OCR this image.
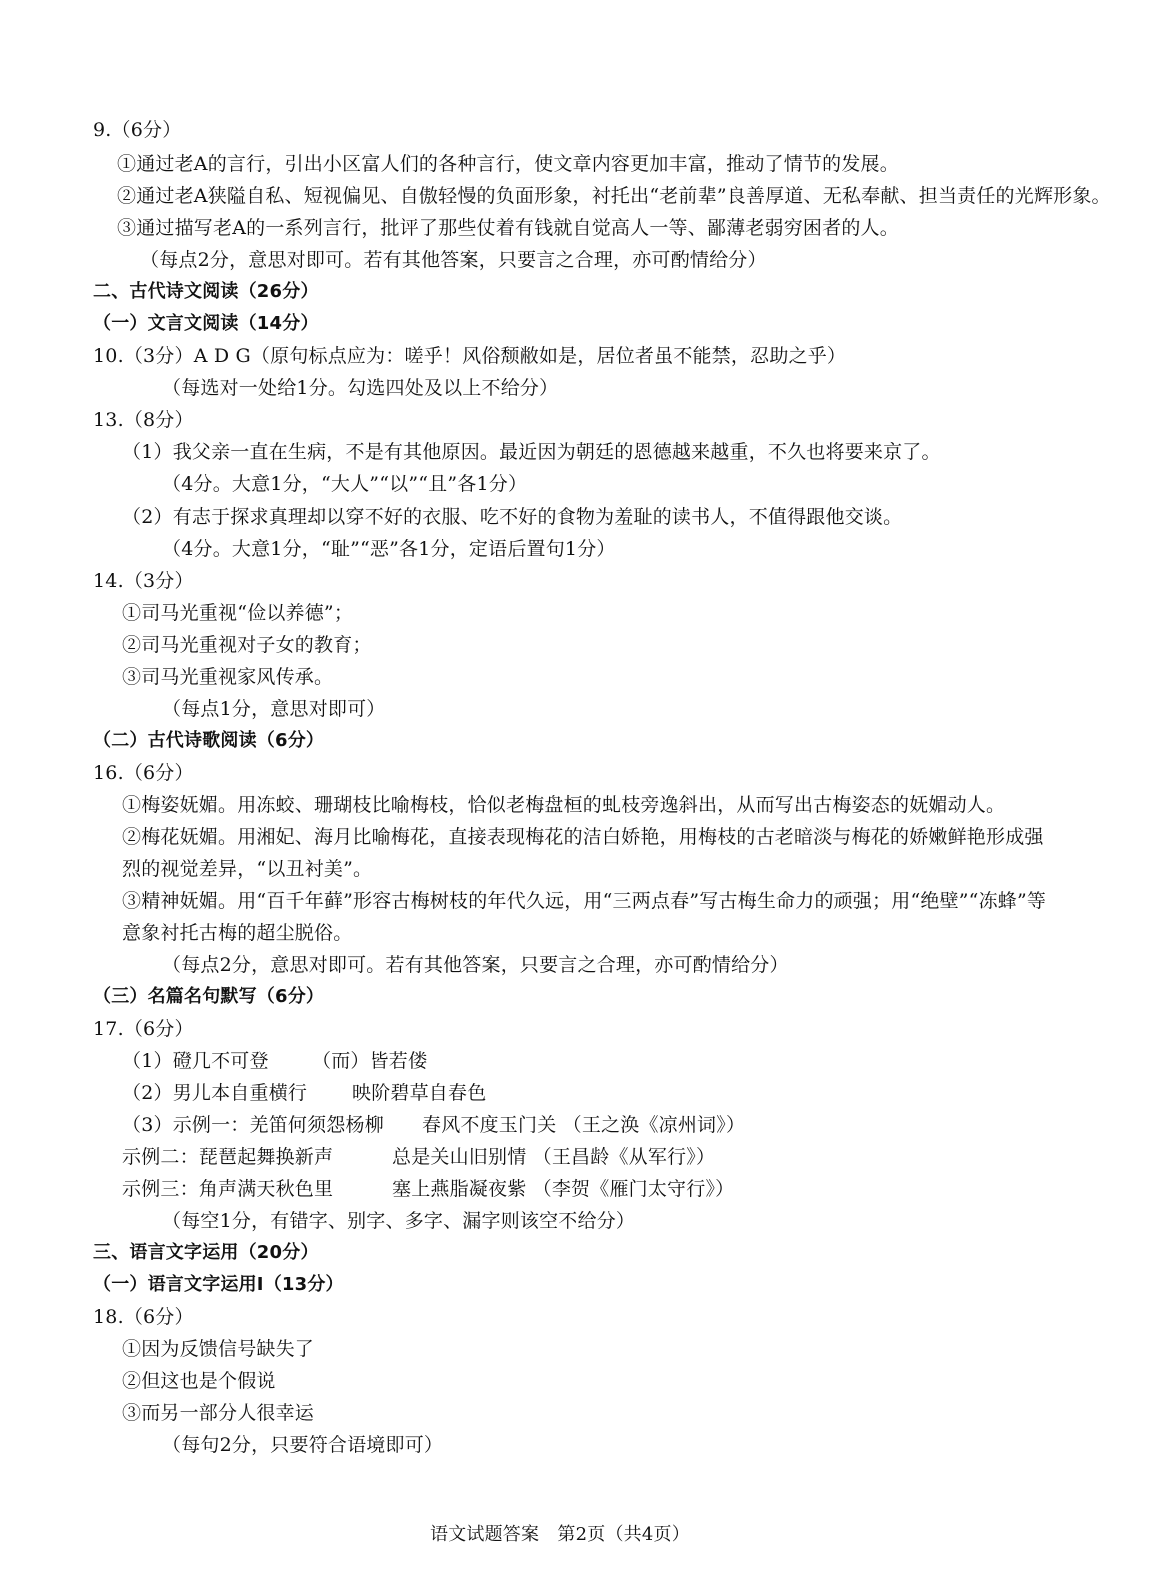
9.（6分）
①通过老A的言行，引出小区富人们的各种言行，使文章内容更加丰富，推动了情节的发展。
②通过老A狭隘自私、短视偏见、自傲轻慢的负面形象，衬托出“老前辈”良善厚道、无私奉献、担当责任的光辉形象。
③通过描写老A的一系列言行，批评了那些仗着有钱就自觉高人一等、鄙薄老弱穷困者的人。
（每点2分，意思对即可。若有其他答案，只要言之合理，亦可酌情给分）
二、古代诗文阅读（26分）
（一）文言文阅读（14分）
10.（3分）A D G（原句标点应为：嗟乎！风俗颓敝如是，居位者虽不能禁，忍助之乎）
（每选对一处给1分。勾选四处及以上不给分）
13.（8分）
（1）我父亲一直在生病，不是有其他原因。最近因为朝廷的恩德越来越重，不久也将要来京了。
（4分。大意1分，“大人”“以”“且”各1分）
（2）有志于探求真理却以穿不好的衣服、吃不好的食物为羞耻的读书人，不值得跟他交谈。
（4分。大意1分，“耻”“恶”各1分，定语后置句1分）
14.（3分）
①司马光重视“俭以养德”；
②司马光重视对子女的教育；
③司马光重视家风传承。
（每点1分，意思对即可）
（二）古代诗歌阅读（6分）
16.（6分）
①梅姿妩媚。用冻蛟、珊瑚枝比喻梅枝，恰似老梅盘桓的虬枝旁逸斜出，从而写出古梅姿态的妩媚动人。
②梅花妩媚。用湘妃、海月比喻梅花，直接表现梅花的洁白娇艳，用梅枝的古老暗淡与梅花的娇嫩鲜艳形成强
烈的视觉差异，“以丑衬美”。
③精神妩媚。用“百千年藓”形容古梅树枝的年代久远，用“三两点春”写古梅生命力的顽强；用“绝壁”“冻蜂”等
意象衬托古梅的超尘脱俗。
（每点2分，意思对即可。若有其他答案，只要言之合理，亦可酌情给分）
（三）名篇名句默写（6分）
17.（6分）
（1）磴几不可登 （而）皆若偻
（2）男儿本自重横行 映阶碧草自春色
（3）示例一：羌笛何须怨杨柳 春风不度玉门关 （王之涣《凉州词》）
示例二：琵琶起舞换新声	总是关山旧别情 （王昌龄《从军行》）
示例三：角声满天秋色里	塞上燕脂凝夜紫 （李贺《雁门太守行》）
（每空1分，有错字、别字、多字、漏字则该空不给分）
三、语言文字运用（20分）
（一）语言文字运用Ⅰ（13分）
18.（6分）
①因为反馈信号缺失了
②但这也是个假说
③而另一部分人很幸运
（每句2分，只要符合语境即可）
语文试题答案　第2页（共4页）
